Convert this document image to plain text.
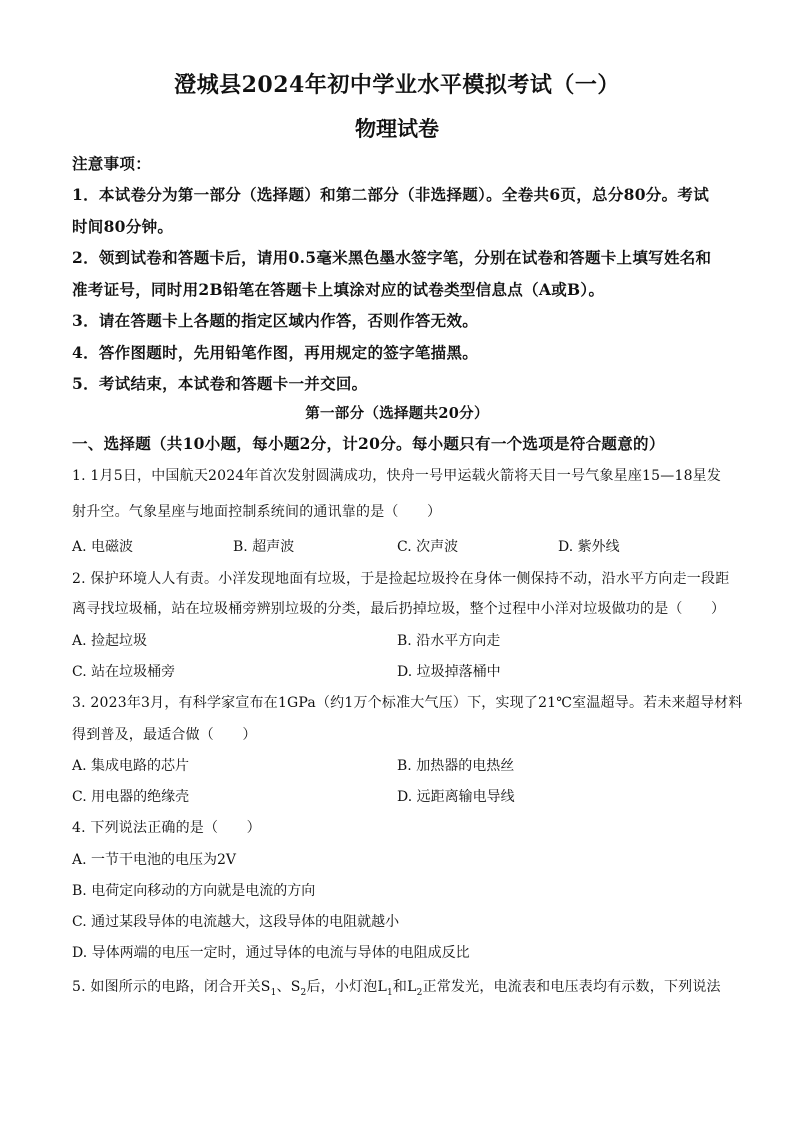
澄城县2024年初中学业水平模拟考试（一）
物理试卷
注意事项：
1．本试卷分为第一部分（选择题）和第二部分（非选择题）。全卷共6页，总分80分。考试
时间80分钟。
2．领到试卷和答题卡后，请用0.5毫米黑色墨水签字笔，分别在试卷和答题卡上填写姓名和
准考证号，同时用2B铅笔在答题卡上填涂对应的试卷类型信息点（A或B）。
3．请在答题卡上各题的指定区域内作答，否则作答无效。
4．答作图题时，先用铅笔作图，再用规定的签字笔描黑。
5．考试结束，本试卷和答题卡一并交回。
第一部分（选择题共20分）
一、选择题（共10小题，每小题2分，计20分。每小题只有一个选项是符合题意的）
1. 1月5日，中国航天2024年首次发射圆满成功，快舟一号甲运载火箭将天目一号气象星座15—18星发
射升空。气象星座与地面控制系统间的通讯靠的是（　　）
A. 电磁波	B. 超声波	C. 次声波	D. 紫外线
2. 保护环境人人有责。小洋发现地面有垃圾，于是捡起垃圾拎在身体一侧保持不动，沿水平方向走一段距
离寻找垃圾桶，站在垃圾桶旁辨别垃圾的分类，最后扔掉垃圾，整个过程中小洋对垃圾做功的是（　　）
A. 捡起垃圾	B. 沿水平方向走
C. 站在垃圾桶旁	D. 垃圾掉落桶中
3. 2023年3月，有科学家宣布在1GPa（约1万个标准大气压）下，实现了21℃室温超导。若未来超导材料
得到普及，最适合做（　　）
A. 集成电路的芯片	B. 加热器的电热丝
C. 用电器的绝缘壳	D. 远距离输电导线
4. 下列说法正确的是（　　）
A. 一节干电池的电压为2V
B. 电荷定向移动的方向就是电流的方向
C. 通过某段导体的电流越大，这段导体的电阻就越小
D. 导体两端的电压一定时，通过导体的电流与导体的电阻成反比
5. 如图所示的电路，闭合开关$S_1$、$S_2$后，小灯泡$L_1$和$L_2$正常发光，电流表和电压表均有示数，下列说法
